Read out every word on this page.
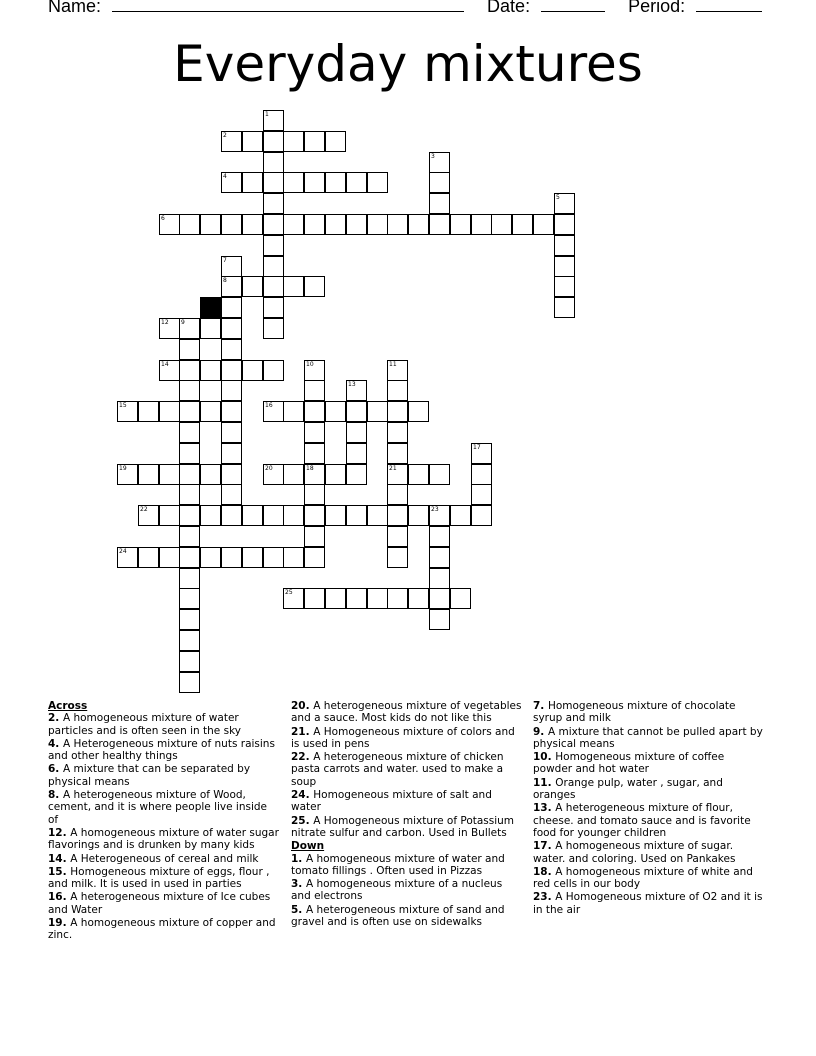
Name:	Date:	Period:
Everyday mixtures
2
4
6
8
12 9
14
15	16
19	20	18	21
22	23
24
25
1
3
5
7
10	11
13
17
Across
2. A homogeneous mixture of water particles and is often seen in the sky
4. A Heterogeneous mixture of nuts raisins and other healthy things
6. A mixture that can be separated by physical means
8. A heterogeneous mixture of Wood, cement, and it is where people live inside of
12. A homogeneous mixture of water sugar flavorings and is drunken by many kids
14. A Heterogeneous of cereal and milk
15. Homogeneous mixture of eggs, flour , and milk. It is used in used in parties
16. A heterogeneous mixture of Ice cubes and Water
19. A homogeneous mixture of copper and zinc.
20. A heterogeneous mixture of vegetables and a sauce. Most kids do not like this
21. A Homogeneous mixture of colors and is used in pens
22. A heterogeneous mixture of chicken pasta carrots and water. used to make a soup
24. Homogeneous mixture of salt and water
25. A Homogeneous mixture of Potassium nitrate sulfur and carbon. Used in Bullets
Down
1. A homogeneous mixture of water and tomato fillings . Often used in Pizzas
3. A homogeneous mixture of a nucleus and electrons
5. A heterogeneous mixture of sand and gravel and is often use on sidewalks
7. Homogeneous mixture of chocolate syrup and milk
9. A mixture that cannot be pulled apart by physical means
10. Homogeneous mixture of coffee powder and hot water
11. Orange pulp, water , sugar, and oranges
13. A heterogeneous mixture of flour, cheese. and tomato sauce and is favorite food for younger children
17. A homogeneous mixture of sugar. water. and coloring. Used on Pankakes
18. A homogeneous mixture of white and red cells in our body
23. A Homogeneous mixture of O2 and it is in the air
